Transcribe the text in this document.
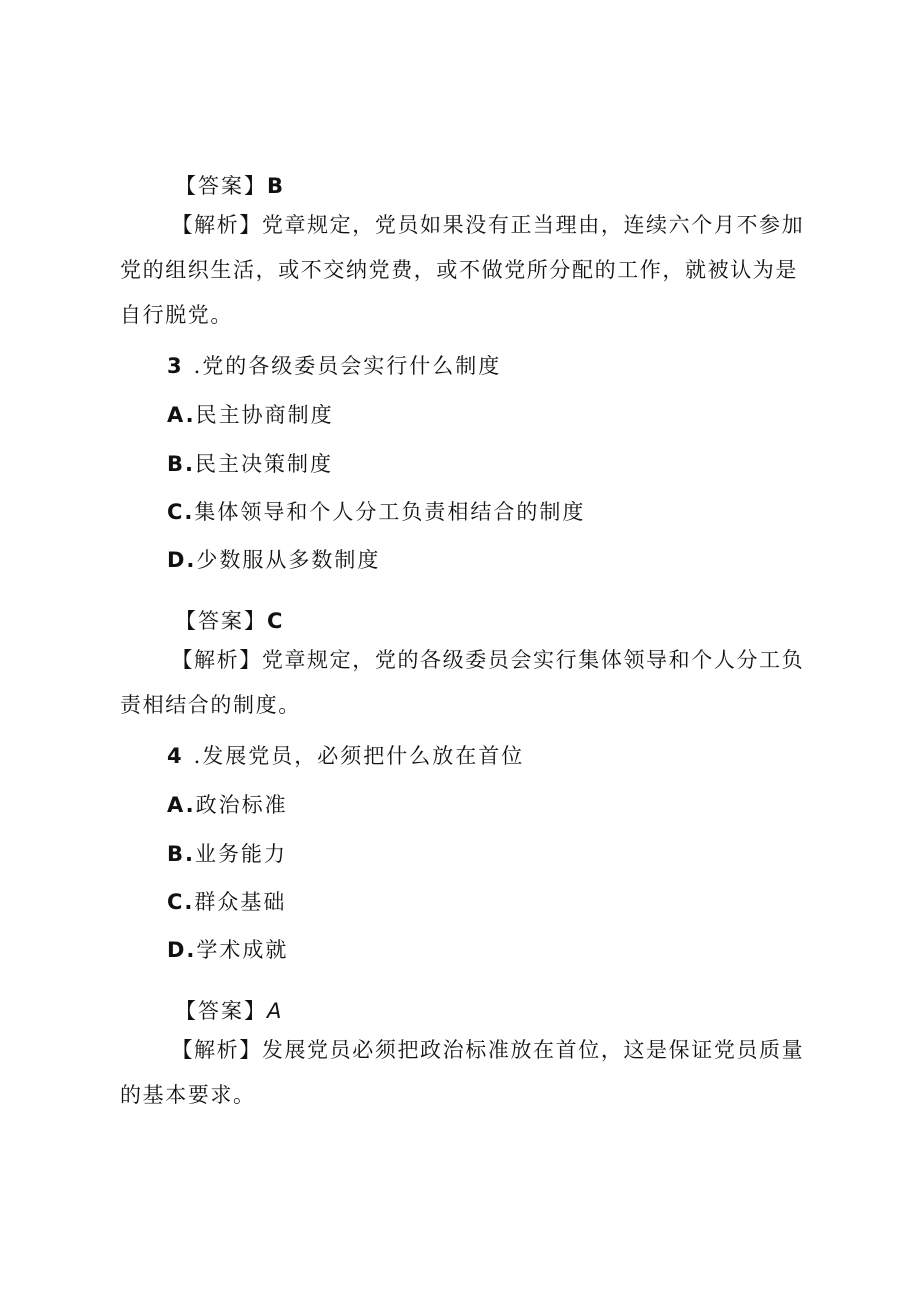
【答案】B

【解析】党章规定，党员如果没有正当理由，连续六个月不参加党的组织生活，或不交纳党费，或不做党所分配的工作，就被认为是自行脱党。

3 .党的各级委员会实行什么制度

A.民主协商制度

B.民主决策制度

C.集体领导和个人分工负责相结合的制度

D.少数服从多数制度

【答案】C

【解析】党章规定，党的各级委员会实行集体领导和个人分工负责相结合的制度。

4 .发展党员，必须把什么放在首位

A.政治标准

B.业务能力

C.群众基础

D.学术成就

【答案】A

【解析】发展党员必须把政治标准放在首位，这是保证党员质量的基本要求。
